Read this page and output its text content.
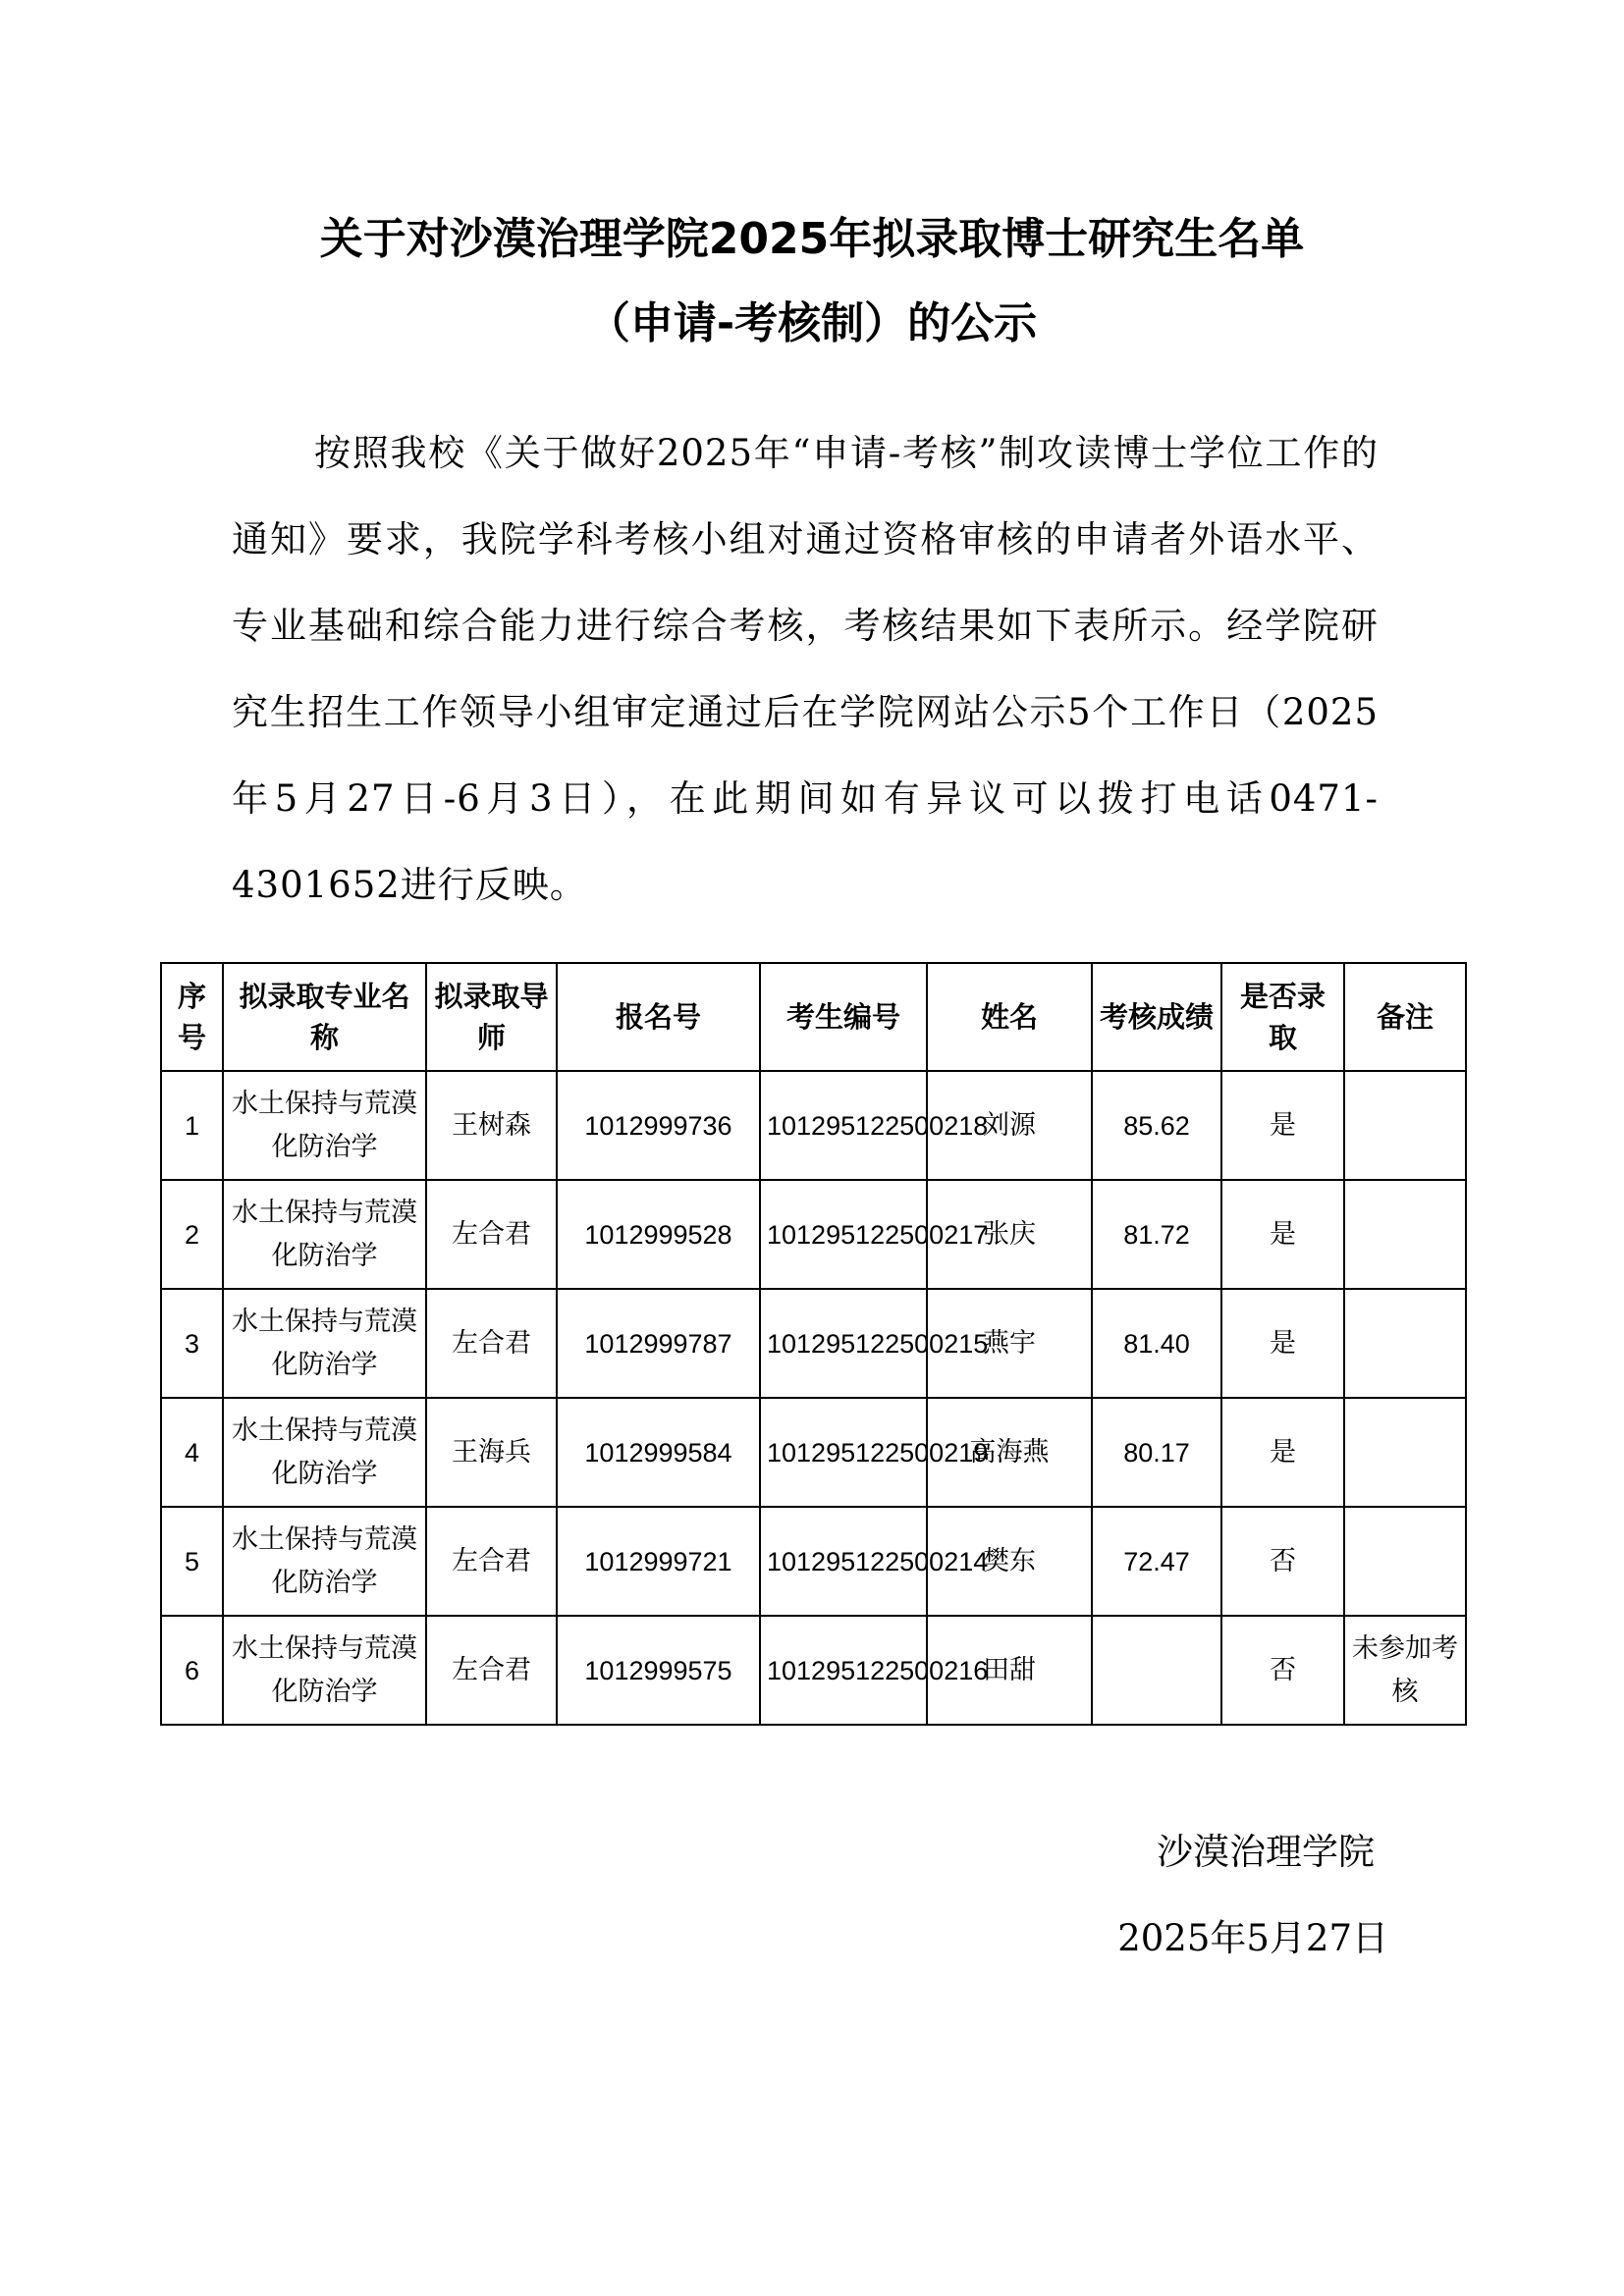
关于对沙漠治理学院2025年拟录取博士研究生名单
（申请-考核制）的公示
按照我校《关于做好2025年“申请-考核”制攻读博士学位工作的通知》要求，我院学科考核小组对通过资格审核的申请者外语水平、专业基础和综合能力进行综合考核，考核结果如下表所示。经学院研究生招生工作领导小组审定通过后在学院网站公示5个工作日（2025年5月27日-6月3日），在此期间如有异议可以拨打电话0471-4301652进行反映。
序号	拟录取专业名称	拟录取导师	报名号	考生编号	姓名	考核成绩	是否录取	备注
1	水土保持与荒漠化防治学	王树森	1012999736	101295122500218	刘源	85.62	是	
2	水土保持与荒漠化防治学	左合君	1012999528	101295122500217	张庆	81.72	是	
3	水土保持与荒漠化防治学	左合君	1012999787	101295122500215	燕宇	81.40	是	
4	水土保持与荒漠化防治学	王海兵	1012999584	101295122500219	高海燕	80.17	是	
5	水土保持与荒漠化防治学	左合君	1012999721	101295122500214	樊东	72.47	否	
6	水土保持与荒漠化防治学	左合君	1012999575	101295122500216	田甜		否	未参加考核
沙漠治理学院
2025年5月27日
